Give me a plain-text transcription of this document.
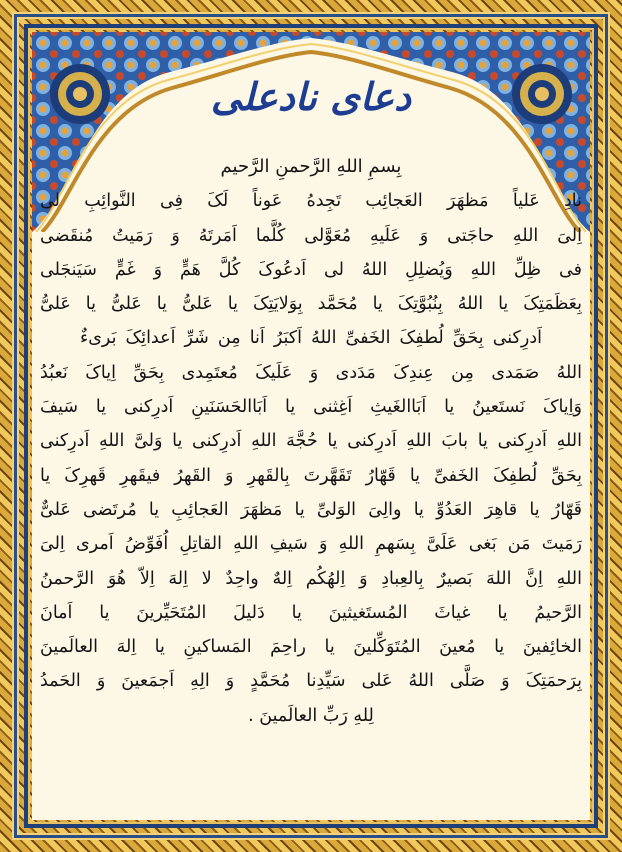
دعای نادعلی
بِسمِ اللهِ الرَّحمنِ الرَّحیم
نادِ عَلیاً مَظهَرَ العَجائِب تَجِدهُ عَوناً لَکَ فِی النَّوائِبِ لی
اِلیَ اللهِ حاجَتی وَ عَلَیهِ مُعَوَّلی کُلَّما اَمَرتَهُ وَ رَمَیتُ مُنقَضی
فی ظِلِّ اللهِ وَیُضلِلِ اللهُ لی اَدعُوکَ کُلَّ هَمٍّ وَ غَمٍّ سَیَنجَلی
بِعَظَمَتِکَ یا اللهُ بِنُبُوَّتِکَ یا مُحَمَّد بِوَلایَتِکَ یا عَلیُّ یا عَلیُّ یا عَلیُّ
اَدرِکنی بِحَقِّ لُطفِکَ الخَفیِّ اللهُ اَکبَرُ اَنا مِن شَرِّ اَعدائِکَ بَریءٌ
اللهُ صَمَدی مِن عِندِکَ مَدَدی وَ عَلَیکَ مُعتَمِدی بِحَقِّ اِیاکَ نَعبُدُ
وَاِیاکَ نَستَعینُ یا اَبَاالغَیثِ اَغِثنی یا اَبَاالحَسَنَینِ اَدرِکنی یا سَیفَ
اللهِ اَدرِکنی یا بابَ اللهِ اَدرِکنی یا حُجَّهَ اللهِ اَدرِکنی یا وَلیَّ اللهِ اَدرِکنی
بِحَقِّ لُطفِکَ الخَفیِّ یا قَهّارُ تَقَهَّرتَ بِالقَهرِ وَ القَهرُ فیقَهرِ قَهرِکَ یا
قَهّارُ یا قاهِرَ العَدُوِّ یا والِیَ الوَلیِّ یا مَظهَرَ العَجائِبِ یا مُرتَضی عَلیٌّ
رَمَیتَ مَن بَغی عَلَیَّ بِسَهمِ اللهِ وَ سَیفِ اللهِ القاتِلِ اُفَوِّضُ اَمری اِلیَ
اللهِ اِنَّ اللهَ بَصیرٌ بِالعِبادِ وَ اِلهُکُم اِلهٌ واحِدٌ لا اِلهَ اِلاّ هُوَ الرَّحمنُ
الرَّحیمُ یا غیاثَ المُستَغیثینَ یا دَلیلَ المُتَحَیِّرینَ یا اَمانَ
الخائِفینَ یا مُعینَ المُتَوَکِّلینَ یا راحِمَ المَساکینِ یا اِلهَ العالَمینَ
بِرَحمَتِکَ وَ صَلَّی اللهُ عَلی سَیِّدِنا مُحَمَّدٍ وَ الِهِ اَجمَعینَ وَ الحَمدُ
لِلهِ رَبِّ العالَمینَ .
